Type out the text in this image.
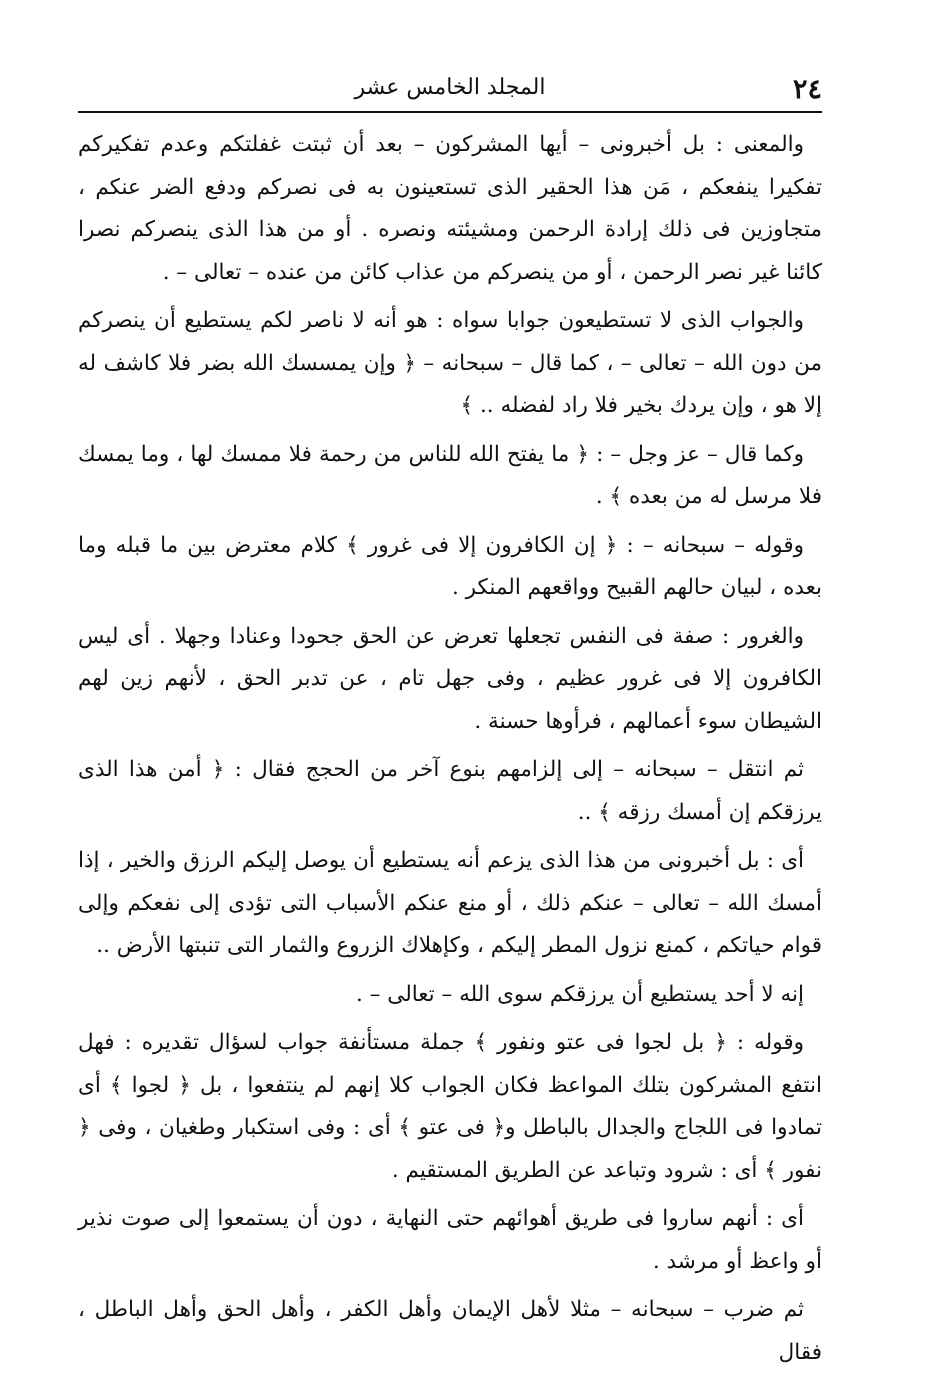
٢٤
المجلد الخامس عشر

والمعنى : بل أخبرونى – أيها المشركون – بعد أن ثبتت غفلتكم وعدم تفكيركم تفكيرا ينفعكم ، مَن هذا الحقير الذى تستعينون به فى نصركم ودفع الضر عنكم ، متجاوزين فى ذلك إرادة الرحمن ومشيئته ونصره . أو من هذا الذى ينصركم نصرا كائنا غير نصر الرحمن ، أو من ينصركم من عذاب كائن من عنده – تعالى – .

والجواب الذى لا تستطيعون جوابا سواه : هو أنه لا ناصر لكم يستطيع أن ينصركم من دون الله – تعالى – ، كما قال – سبحانه – ﴿ وإن يمسسك الله بضر فلا كاشف له إلا هو ، وإن يردك بخير فلا راد لفضله .. ﴾

وكما قال – عز وجل – : ﴿ ما يفتح الله للناس من رحمة فلا ممسك لها ، وما يمسك فلا مرسل له من بعده ﴾ .

وقوله – سبحانه – : ﴿ إن الكافرون إلا فى غرور ﴾ كلام معترض بين ما قبله وما بعده ، لبيان حالهم القبيح وواقعهم المنكر .

والغرور : صفة فى النفس تجعلها تعرض عن الحق جحودا وعنادا وجهلا . أى ليس الكافرون إلا فى غرور عظيم ، وفى جهل تام ، عن تدبر الحق ، لأنهم زين لهم الشيطان سوء أعمالهم ، فرأوها حسنة .

ثم انتقل – سبحانه – إلى إلزامهم بنوع آخر من الحجج فقال : ﴿ أمن هذا الذى يرزقكم إن أمسك رزقه ﴾ ..

أى : بل أخبرونى من هذا الذى يزعم أنه يستطيع أن يوصل إليكم الرزق والخير ، إذا أمسك الله – تعالى – عنكم ذلك ، أو منع عنكم الأسباب التى تؤدى إلى نفعكم وإلى قوام حياتكم ، كمنع نزول المطر إليكم ، وكإهلاك الزروع والثمار التى تنبتها الأرض ..

إنه لا أحد يستطيع أن يرزقكم سوى الله – تعالى – .

وقوله : ﴿ بل لجوا فى عتو ونفور ﴾ جملة مستأنفة جواب لسؤال تقديره : فهل انتفع المشركون بتلك المواعظ فكان الجواب كلا إنهم لم ينتفعوا ، بل ﴿ لجوا ﴾ أى تمادوا فى اللجاج والجدال بالباطل و﴿ فى عتو ﴾ أى : وفى استكبار وطغيان ، وفى ﴿ نفور ﴾ أى : شرود وتباعد عن الطريق المستقيم .

أى : أنهم ساروا فى طريق أهوائهم حتى النهاية ، دون أن يستمعوا إلى صوت نذير أو واعظ أو مرشد .

ثم ضرب – سبحانه – مثلا لأهل الإيمان وأهل الكفر ، وأهل الحق وأهل الباطل ، فقال
